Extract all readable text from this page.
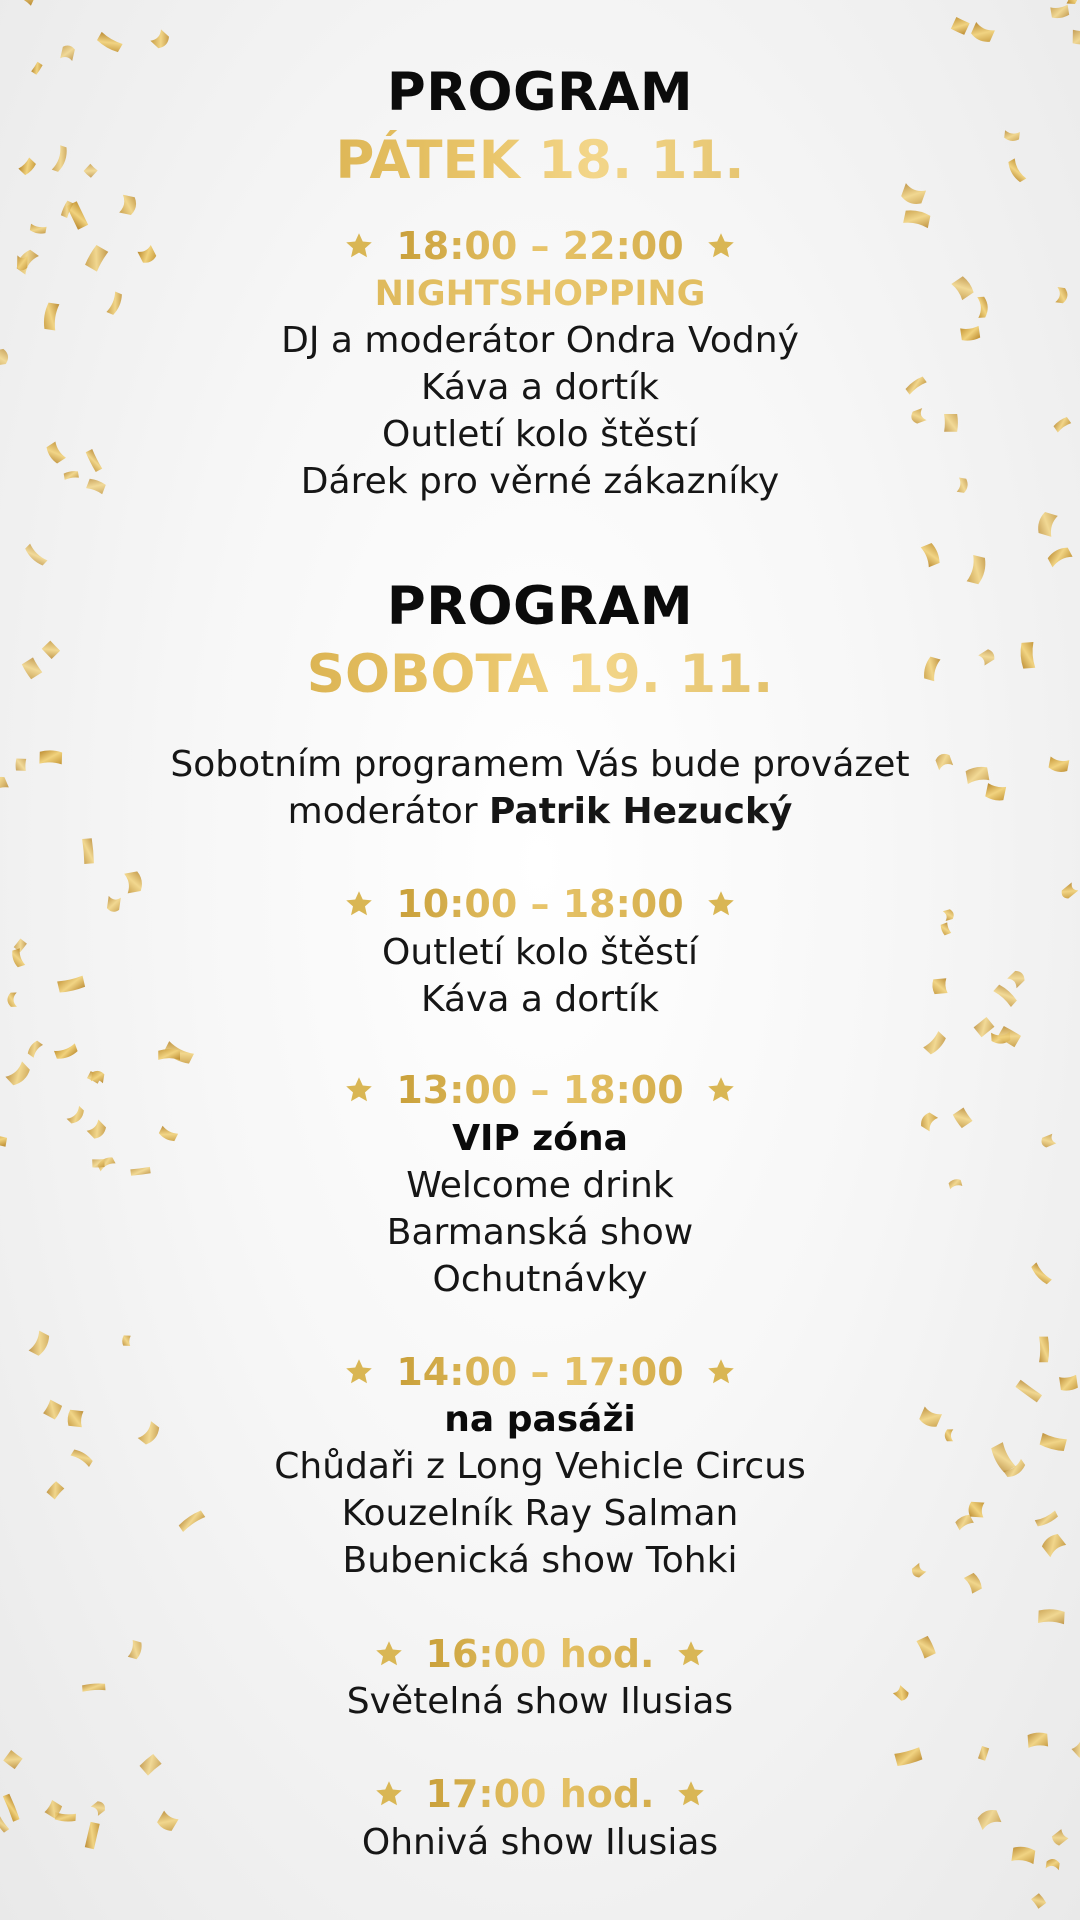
PROGRAM
PÁTEK 18. 11.
18:00 – 22:00
NIGHTSHOPPING
DJ a moderátor Ondra Vodný
Káva a dortík
Outletí kolo štěstí
Dárek pro věrné zákazníky
PROGRAM
SOBOTA 19. 11.
Sobotním programem Vás bude provázet
moderátor Patrik Hezucký
10:00 – 18:00
Outletí kolo štěstí
Káva a dortík
13:00 – 18:00
VIP zóna
Welcome drink
Barmanská show
Ochutnávky
14:00 – 17:00
na pasáži
Chůdaři z Long Vehicle Circus
Kouzelník Ray Salman
Bubenická show Tohki
16:00 hod.
Světelná show Ilusias
17:00 hod.
Ohnivá show Ilusias
